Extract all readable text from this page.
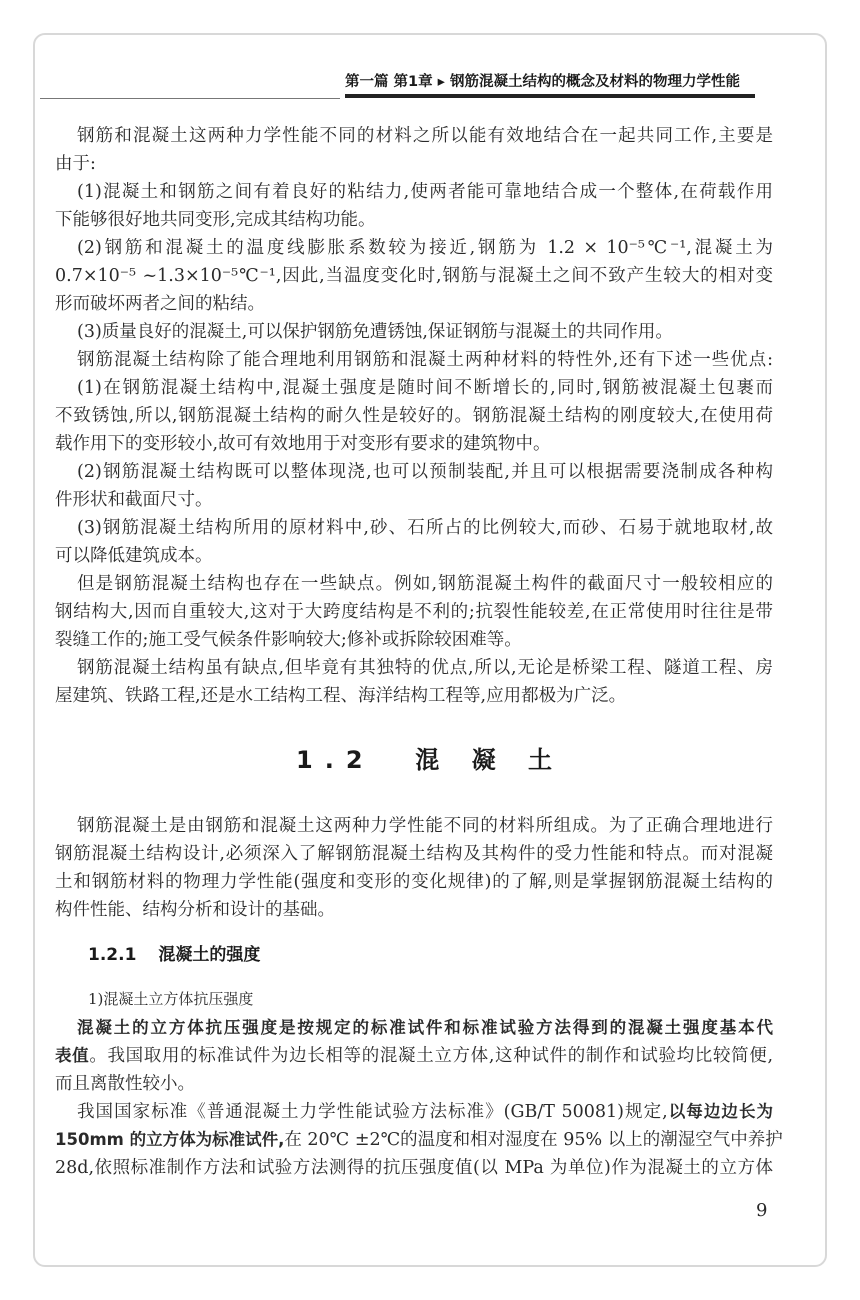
第一篇 第1章 ▸ 钢筋混凝土结构的概念及材料的物理力学性能
钢筋和混凝土这两种力学性能不同的材料之所以能有效地结合在一起共同工作,主要是
由于:
(1)混凝土和钢筋之间有着良好的粘结力,使两者能可靠地结合成一个整体,在荷载作用
下能够很好地共同变形,完成其结构功能。
(2)钢筋和混凝土的温度线膨胀系数较为接近,钢筋为 1.2 × 10⁻⁵℃⁻¹,混凝土为
0.7×10⁻⁵ ~1.3×10⁻⁵℃⁻¹,因此,当温度变化时,钢筋与混凝土之间不致产生较大的相对变
形而破坏两者之间的粘结。
(3)质量良好的混凝土,可以保护钢筋免遭锈蚀,保证钢筋与混凝土的共同作用。
钢筋混凝土结构除了能合理地利用钢筋和混凝土两种材料的特性外,还有下述一些优点:
(1)在钢筋混凝土结构中,混凝土强度是随时间不断增长的,同时,钢筋被混凝土包裹而
不致锈蚀,所以,钢筋混凝土结构的耐久性是较好的。钢筋混凝土结构的刚度较大,在使用荷
载作用下的变形较小,故可有效地用于对变形有要求的建筑物中。
(2)钢筋混凝土结构既可以整体现浇,也可以预制装配,并且可以根据需要浇制成各种构
件形状和截面尺寸。
(3)钢筋混凝土结构所用的原材料中,砂、石所占的比例较大,而砂、石易于就地取材,故
可以降低建筑成本。
但是钢筋混凝土结构也存在一些缺点。例如,钢筋混凝土构件的截面尺寸一般较相应的
钢结构大,因而自重较大,这对于大跨度结构是不利的;抗裂性能较差,在正常使用时往往是带
裂缝工作的;施工受气候条件影响较大;修补或拆除较困难等。
钢筋混凝土结构虽有缺点,但毕竟有其独特的优点,所以,无论是桥梁工程、隧道工程、房
屋建筑、铁路工程,还是水工结构工程、海洋结构工程等,应用都极为广泛。
1.2 混 凝 土
钢筋混凝土是由钢筋和混凝土这两种力学性能不同的材料所组成。为了正确合理地进行
钢筋混凝土结构设计,必须深入了解钢筋混凝土结构及其构件的受力性能和特点。而对混凝
土和钢筋材料的物理力学性能(强度和变形的变化规律)的了解,则是掌握钢筋混凝土结构的
构件性能、结构分析和设计的基础。
1.2.1 混凝土的强度
1)混凝土立方体抗压强度
混凝土的立方体抗压强度是按规定的标准试件和标准试验方法得到的混凝土强度基本代
表值。我国取用的标准试件为边长相等的混凝土立方体,这种试件的制作和试验均比较简便,
而且离散性较小。
我国国家标准《普通混凝土力学性能试验方法标准》(GB/T 50081)规定,以每边边长为
150mm 的立方体为标准试件,在 20℃ ±2℃的温度和相对湿度在 95% 以上的潮湿空气中养护
28d,依照标准制作方法和试验方法测得的抗压强度值(以 MPa 为单位)作为混凝土的立方体
9
